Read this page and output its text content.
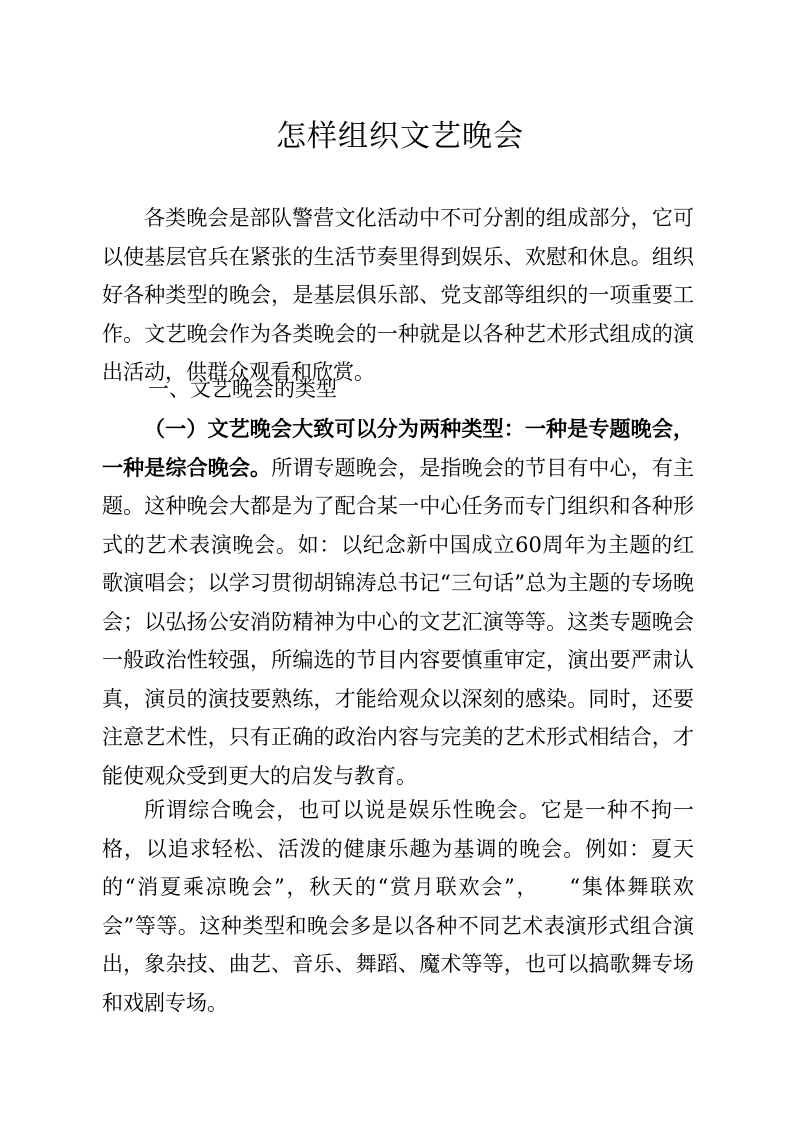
怎样组织文艺晚会

各类晚会是部队警营文化活动中不可分割的组成部分，它可以使基层官兵在紧张的生活节奏里得到娱乐、欢慰和休息。组织好各种类型的晚会，是基层俱乐部、党支部等组织的一项重要工作。文艺晚会作为各类晚会的一种就是以各种艺术形式组成的演出活动，供群众观看和欣赏。

一、文艺晚会的类型

（一）文艺晚会大致可以分为两种类型：一种是专题晚会，一种是综合晚会。所谓专题晚会，是指晚会的节目有中心，有主题。这种晚会大都是为了配合某一中心任务而专门组织和各种形式的艺术表演晚会。如：以纪念新中国成立60周年为主题的红歌演唱会；以学习贯彻胡锦涛总书记“三句话”总为主题的专场晚会；以弘扬公安消防精神为中心的文艺汇演等等。这类专题晚会一般政治性较强，所编选的节目内容要慎重审定，演出要严肃认真，演员的演技要熟练，才能给观众以深刻的感染。同时，还要注意艺术性，只有正确的政治内容与完美的艺术形式相结合，才能使观众受到更大的启发与教育。

所谓综合晚会，也可以说是娱乐性晚会。它是一种不拘一格，以追求轻松、活泼的健康乐趣为基调的晚会。例如：夏天的“消夏乘凉晚会”，秋天的“赏月联欢会”， “集体舞联欢会”等等。这种类型和晚会多是以各种不同艺术表演形式组合演出，象杂技、曲艺、音乐、舞蹈、魔术等等，也可以搞歌舞专场和戏剧专场。
